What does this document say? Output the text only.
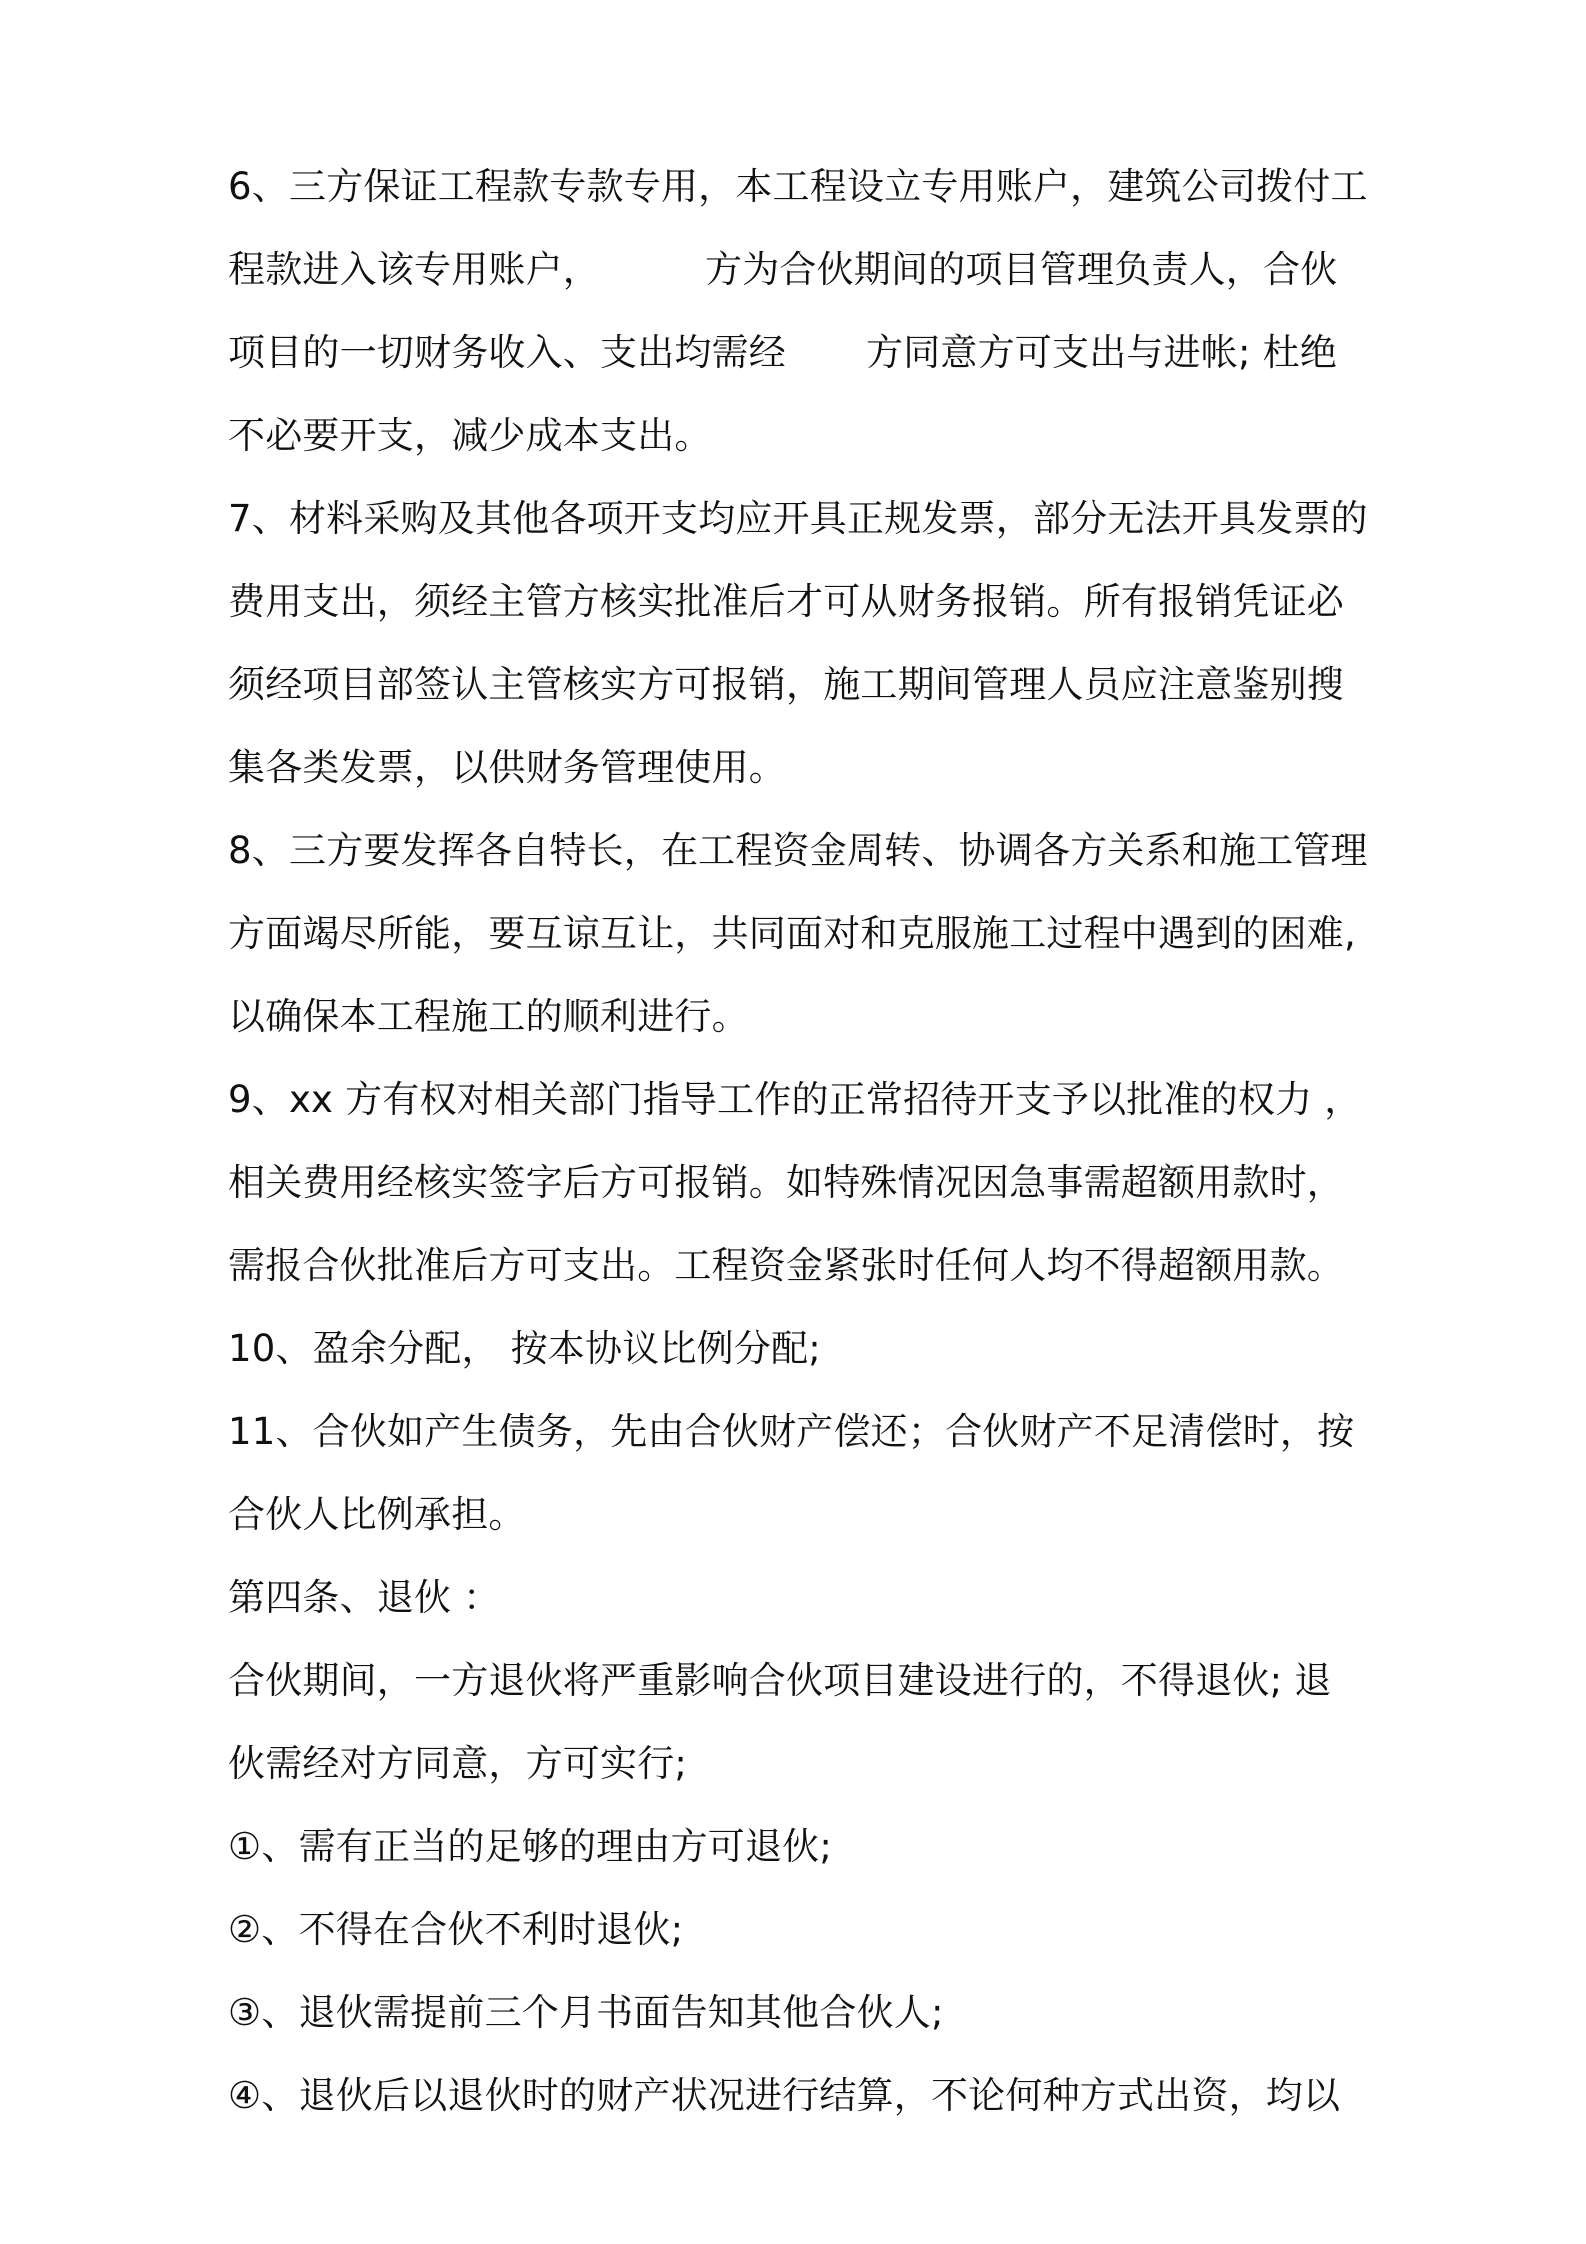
6、三方保证工程款专款专用，本工程设立专用账户，建筑公司拨付工
程款进入该专用账户，	方为合伙期间的项目管理负责人，合伙
项目的一切财务收入、支出均需经 方同意方可支出与进帐; 杜绝
不必要开支，减少成本支出。
7、材料采购及其他各项开支均应开具正规发票，部分无法开具发票的
费用支出，须经主管方核实批准后才可从财务报销。所有报销凭证必
须经项目部签认主管核实方可报销，施工期间管理人员应注意鉴别搜
集各类发票，以供财务管理使用。
8、三方要发挥各自特长，在工程资金周转、协调各方关系和施工管理
方面竭尽所能，要互谅互让，共同面对和克服施工过程中遇到的困难,
以确保本工程施工的顺利进行。
9、xx 方有权对相关部门指导工作的正常招待开支予以批准的权力 ，
相关费用经核实签字后方可报销。如特殊情况因急事需超额用款时，
需报合伙批准后方可支出。工程资金紧张时任何人均不得超额用款。
10、盈余分配， 按本协议比例分配;
11、合伙如产生债务，先由合伙财产偿还；合伙财产不足清偿时，按
合伙人比例承担。
第四条、退伙 ：
合伙期间，一方退伙将严重影响合伙项目建设进行的，不得退伙; 退
伙需经对方同意，方可实行;
①、需有正当的足够的理由方可退伙;
②、不得在合伙不利时退伙;
③、退伙需提前三个月书面告知其他合伙人;
④、退伙后以退伙时的财产状况进行结算，不论何种方式出资，均以
